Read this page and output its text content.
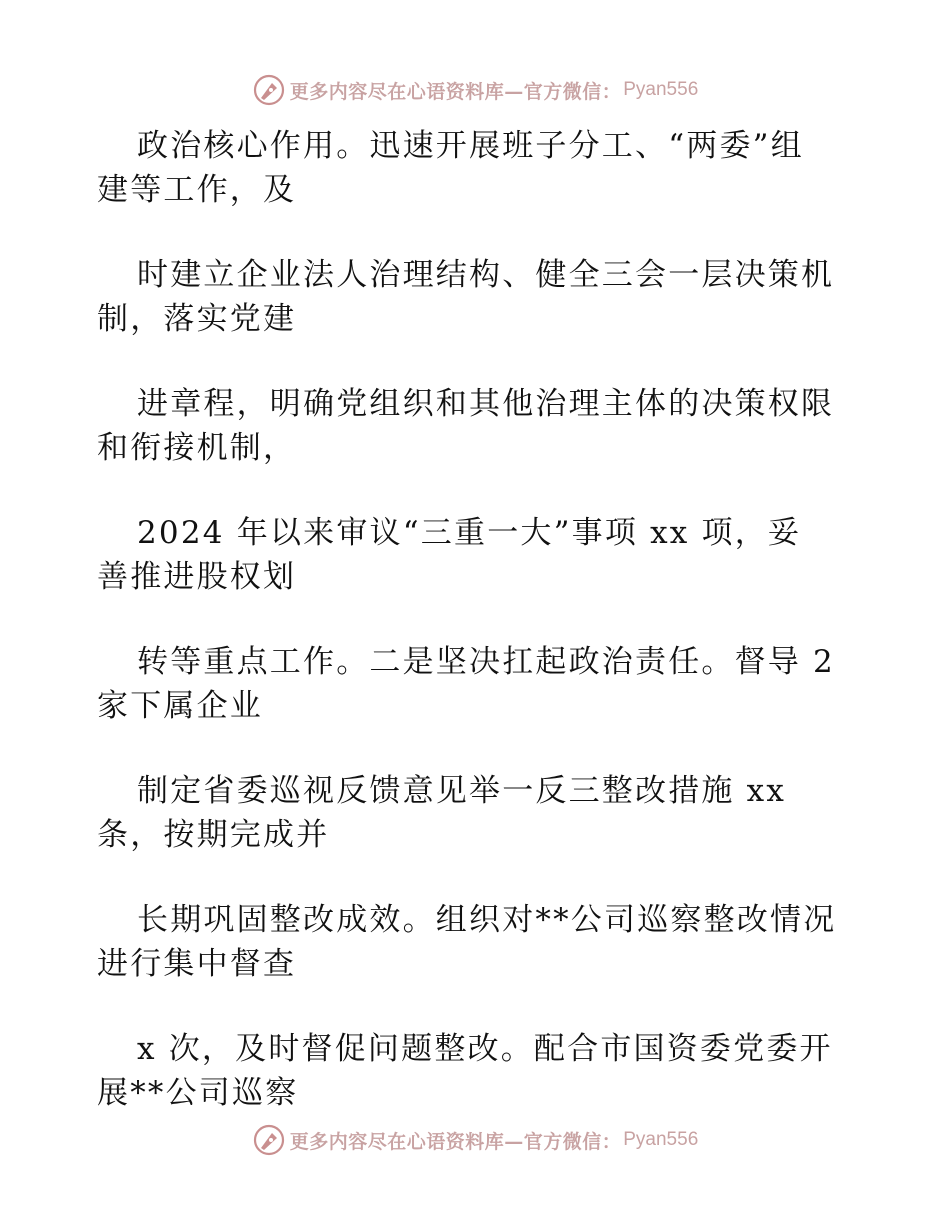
更多内容尽在心语资料库—官方微信： Pyan556

政治核心作用。迅速开展班子分工、“两委”组
建等工作，及

时建立企业法人治理结构、健全三会一层决策机
制，落实党建

进章程，明确党组织和其他治理主体的决策权限
和衔接机制，

2024 年以来审议“三重一大”事项 xx 项，妥
善推进股权划

转等重点工作。二是坚决扛起政治责任。督导 2
家下属企业

制定省委巡视反馈意见举一反三整改措施 xx
条，按期完成并

长期巩固整改成效。组织对**公司巡察整改情况
进行集中督查

x 次，及时督促问题整改。配合市国资委党委开
展**公司巡察

更多内容尽在心语资料库—官方微信： Pyan556
